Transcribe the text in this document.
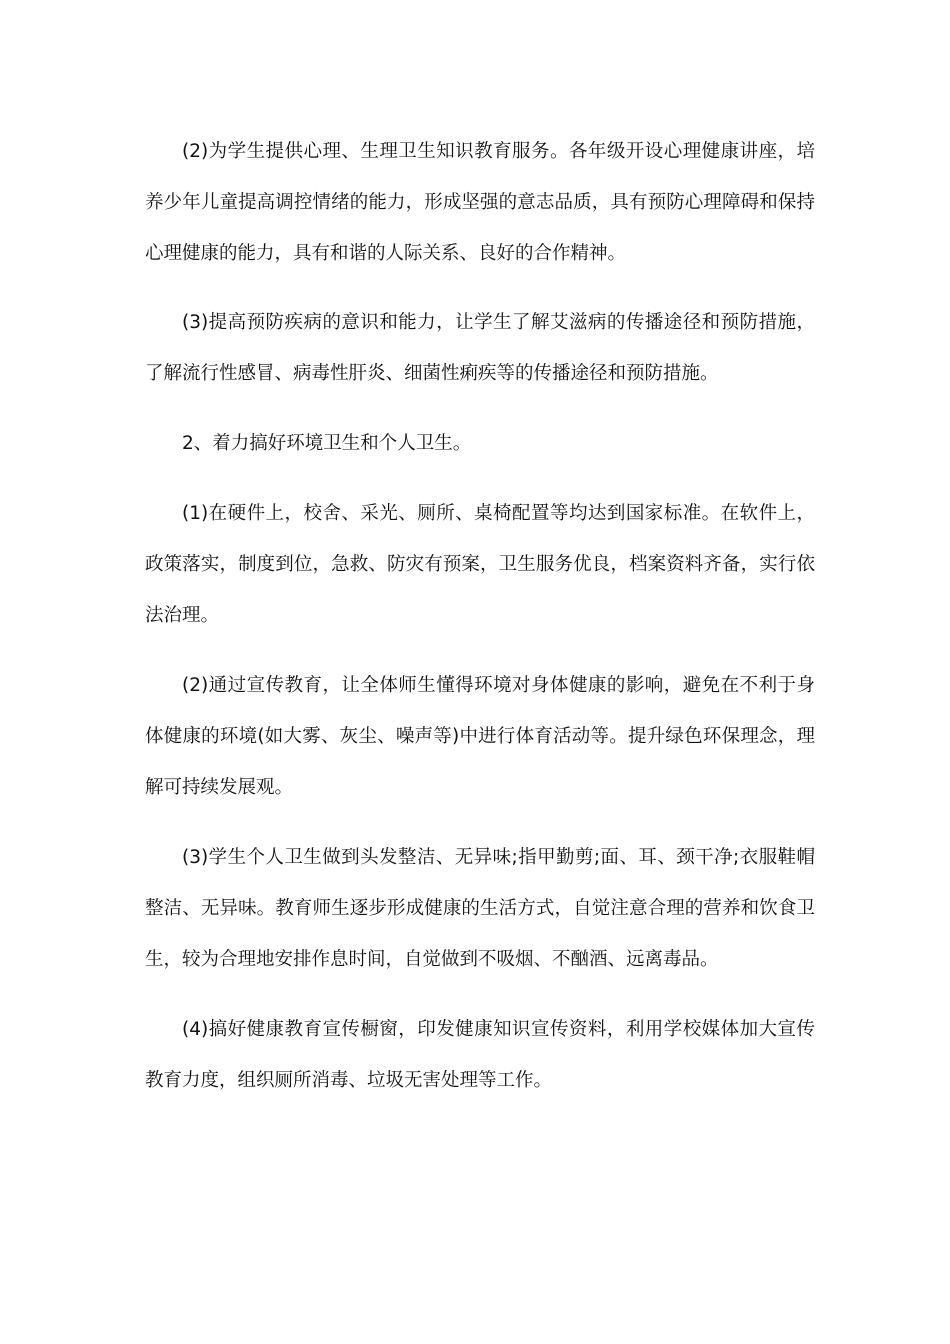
(2)为学生提供心理、生理卫生知识教育服务。各年级开设心理健康讲座，培养少年儿童提高调控情绪的能力，形成坚强的意志品质，具有预防心理障碍和保持心理健康的能力，具有和谐的人际关系、良好的合作精神。

(3)提高预防疾病的意识和能力，让学生了解艾滋病的传播途径和预防措施，了解流行性感冒、病毒性肝炎、细菌性痢疾等的传播途径和预防措施。

2、着力搞好环境卫生和个人卫生。

(1)在硬件上，校舍、采光、厕所、桌椅配置等均达到国家标准。在软件上，政策落实，制度到位，急救、防灾有预案，卫生服务优良，档案资料齐备，实行依法治理。

(2)通过宣传教育，让全体师生懂得环境对身体健康的影响，避免在不利于身体健康的环境(如大雾、灰尘、噪声等)中进行体育活动等。提升绿色环保理念，理解可持续发展观。

(3)学生个人卫生做到头发整洁、无异味;指甲勤剪;面、耳、颈干净;衣服鞋帽整洁、无异味。教育师生逐步形成健康的生活方式，自觉注意合理的营养和饮食卫生，较为合理地安排作息时间，自觉做到不吸烟、不酗酒、远离毒品。

(4)搞好健康教育宣传橱窗，印发健康知识宣传资料，利用学校媒体加大宣传教育力度，组织厕所消毒、垃圾无害处理等工作。
